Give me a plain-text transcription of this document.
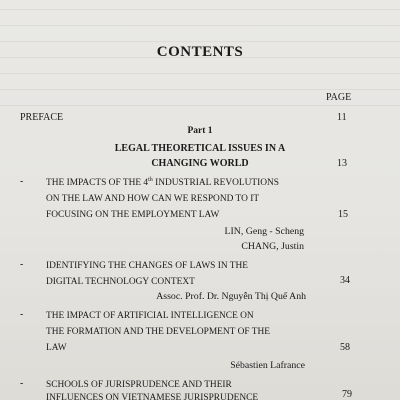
CONTENTS
PAGE
PREFACE	11
Part 1
LEGAL THEORETICAL ISSUES IN A
CHANGING WORLD	13
- THE IMPACTS OF THE 4th INDUSTRIAL REVOLUTIONS
ON THE LAW AND HOW CAN WE RESPOND TO IT
FOCUSING ON THE EMPLOYMENT LAW	15
LIN, Geng - Scheng
CHANG, Justin
- IDENTIFYING THE CHANGES OF LAWS IN THE
DIGITAL TECHNOLOGY CONTEXT	34
Assoc. Prof. Dr. Nguyễn Thị Quế Anh
- THE IMPACT OF ARTIFICIAL INTELLIGENCE ON
THE FORMATION AND THE DEVELOPMENT OF THE
LAW	58
Sébastien Lafrance
- SCHOOLS OF JURISPRUDENCE AND THEIR
INFLUENCES ON VIETNAMESE JURISPRUDENCE	79
